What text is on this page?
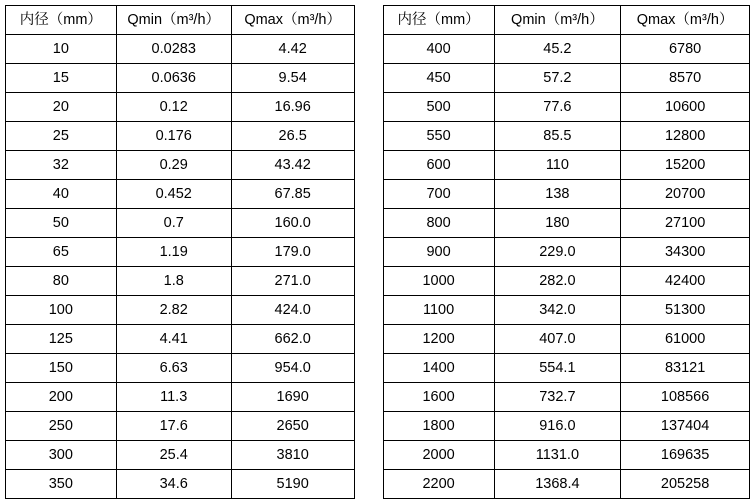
内径（mm）	Qmin（m³/h）	Qmax（m³/h）
10	0.0283	4.42
15	0.0636	9.54
20	0.12	16.96
25	0.176	26.5
32	0.29	43.42
40	0.452	67.85
50	0.7	160.0
65	1.19	179.0
80	1.8	271.0
100	2.82	424.0
125	4.41	662.0
150	6.63	954.0
200	11.3	1690
250	17.6	2650
300	25.4	3810
350	34.6	5190
内径（mm）	Qmin（m³/h）	Qmax（m³/h）
400	45.2	6780
450	57.2	8570
500	77.6	10600
550	85.5	12800
600	110	15200
700	138	20700
800	180	27100
900	229.0	34300
1000	282.0	42400
1100	342.0	51300
1200	407.0	61000
1400	554.1	83121
1600	732.7	108566
1800	916.0	137404
2000	1131.0	169635
2200	1368.4	205258
